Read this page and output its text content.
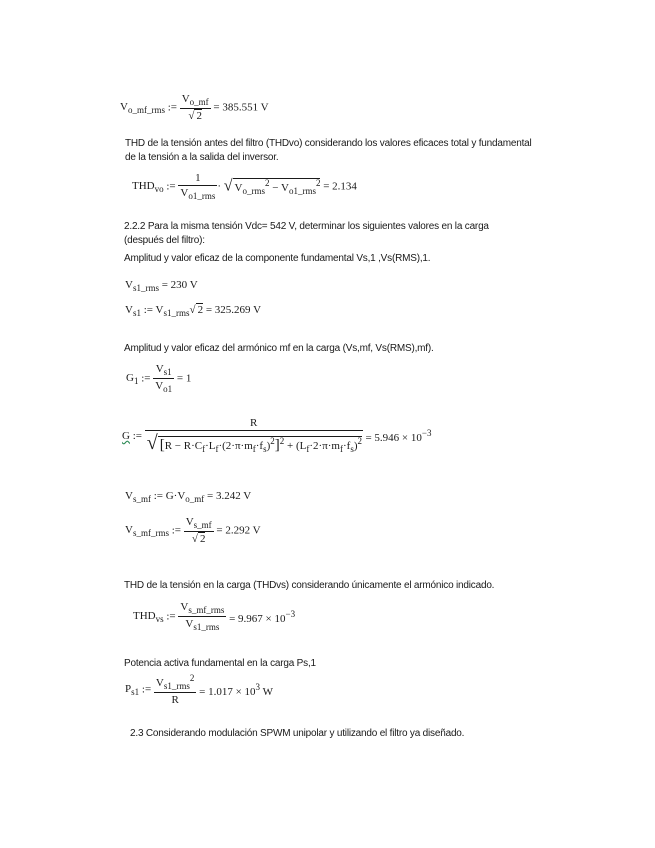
$V_{o\_mf\_rms}$ := $\frac{V_{o\_mf}}{√ 2} = 385.551$ V
THD de la tensión antes del filtro (THDvo) considerando los valores eficaces total y fundamental
de la tensión a la salida del inversor.
$THD_{vo}$ := $\frac{1}{V_{o1\_rms}}$ · √ $V_{o\_rms}^2 - V_{o1\_rms}^2 = 2.134$
2.2.2 Para la misma tensión Vdc= 542 V, determinar los siguientes valores en la carga
(después del filtro):
Amplitud y valor eficaz de la componente fundamental Vs,1 ,Vs(RMS),1.
$V_{s1\_rms} = 230$ V
$V_{s1}$ := $V_{s1\_rms}√$ 2 = 325.269 V
Amplitud y valor eficaz del armónico mf en la carga (Vs,mf, Vs(RMS),mf).
$G_1$ := $\frac{V_{s1}}{V_{o1}} = 1$
G := $\frac{R}{√ [R - R\cdot C_f\cdot L_f\cdot(2\cdot\pi\cdot m_f\cdot f_s)^2]^2 + (L_f\cdot 2\cdot\pi\cdot m_f\cdot f_s)^2} = 5.946 \times 10^{-3}$
$V_{s\_mf}$ := $G\cdot V_{o\_mf} = 3.242$ V
$V_{s\_mf\_rms}$ := $\frac{V_{s\_mf}}{√ 2} = 2.292$ V
THD de la tensión en la carga (THDvs) considerando únicamente el armónico indicado.
$THD_{vs}$ := $\frac{V_{s\_mf\_rms}}{V_{s1\_rms}} = 9.967 \times 10^{-3}$
Potencia activa fundamental en la carga Ps,1
$P_{s1}$ := $\frac{V_{s1\_rms}^2}{R} = 1.017 \times 10^3$ W
2.3 Considerando modulación SPWM unipolar y utilizando el filtro ya diseñado.
